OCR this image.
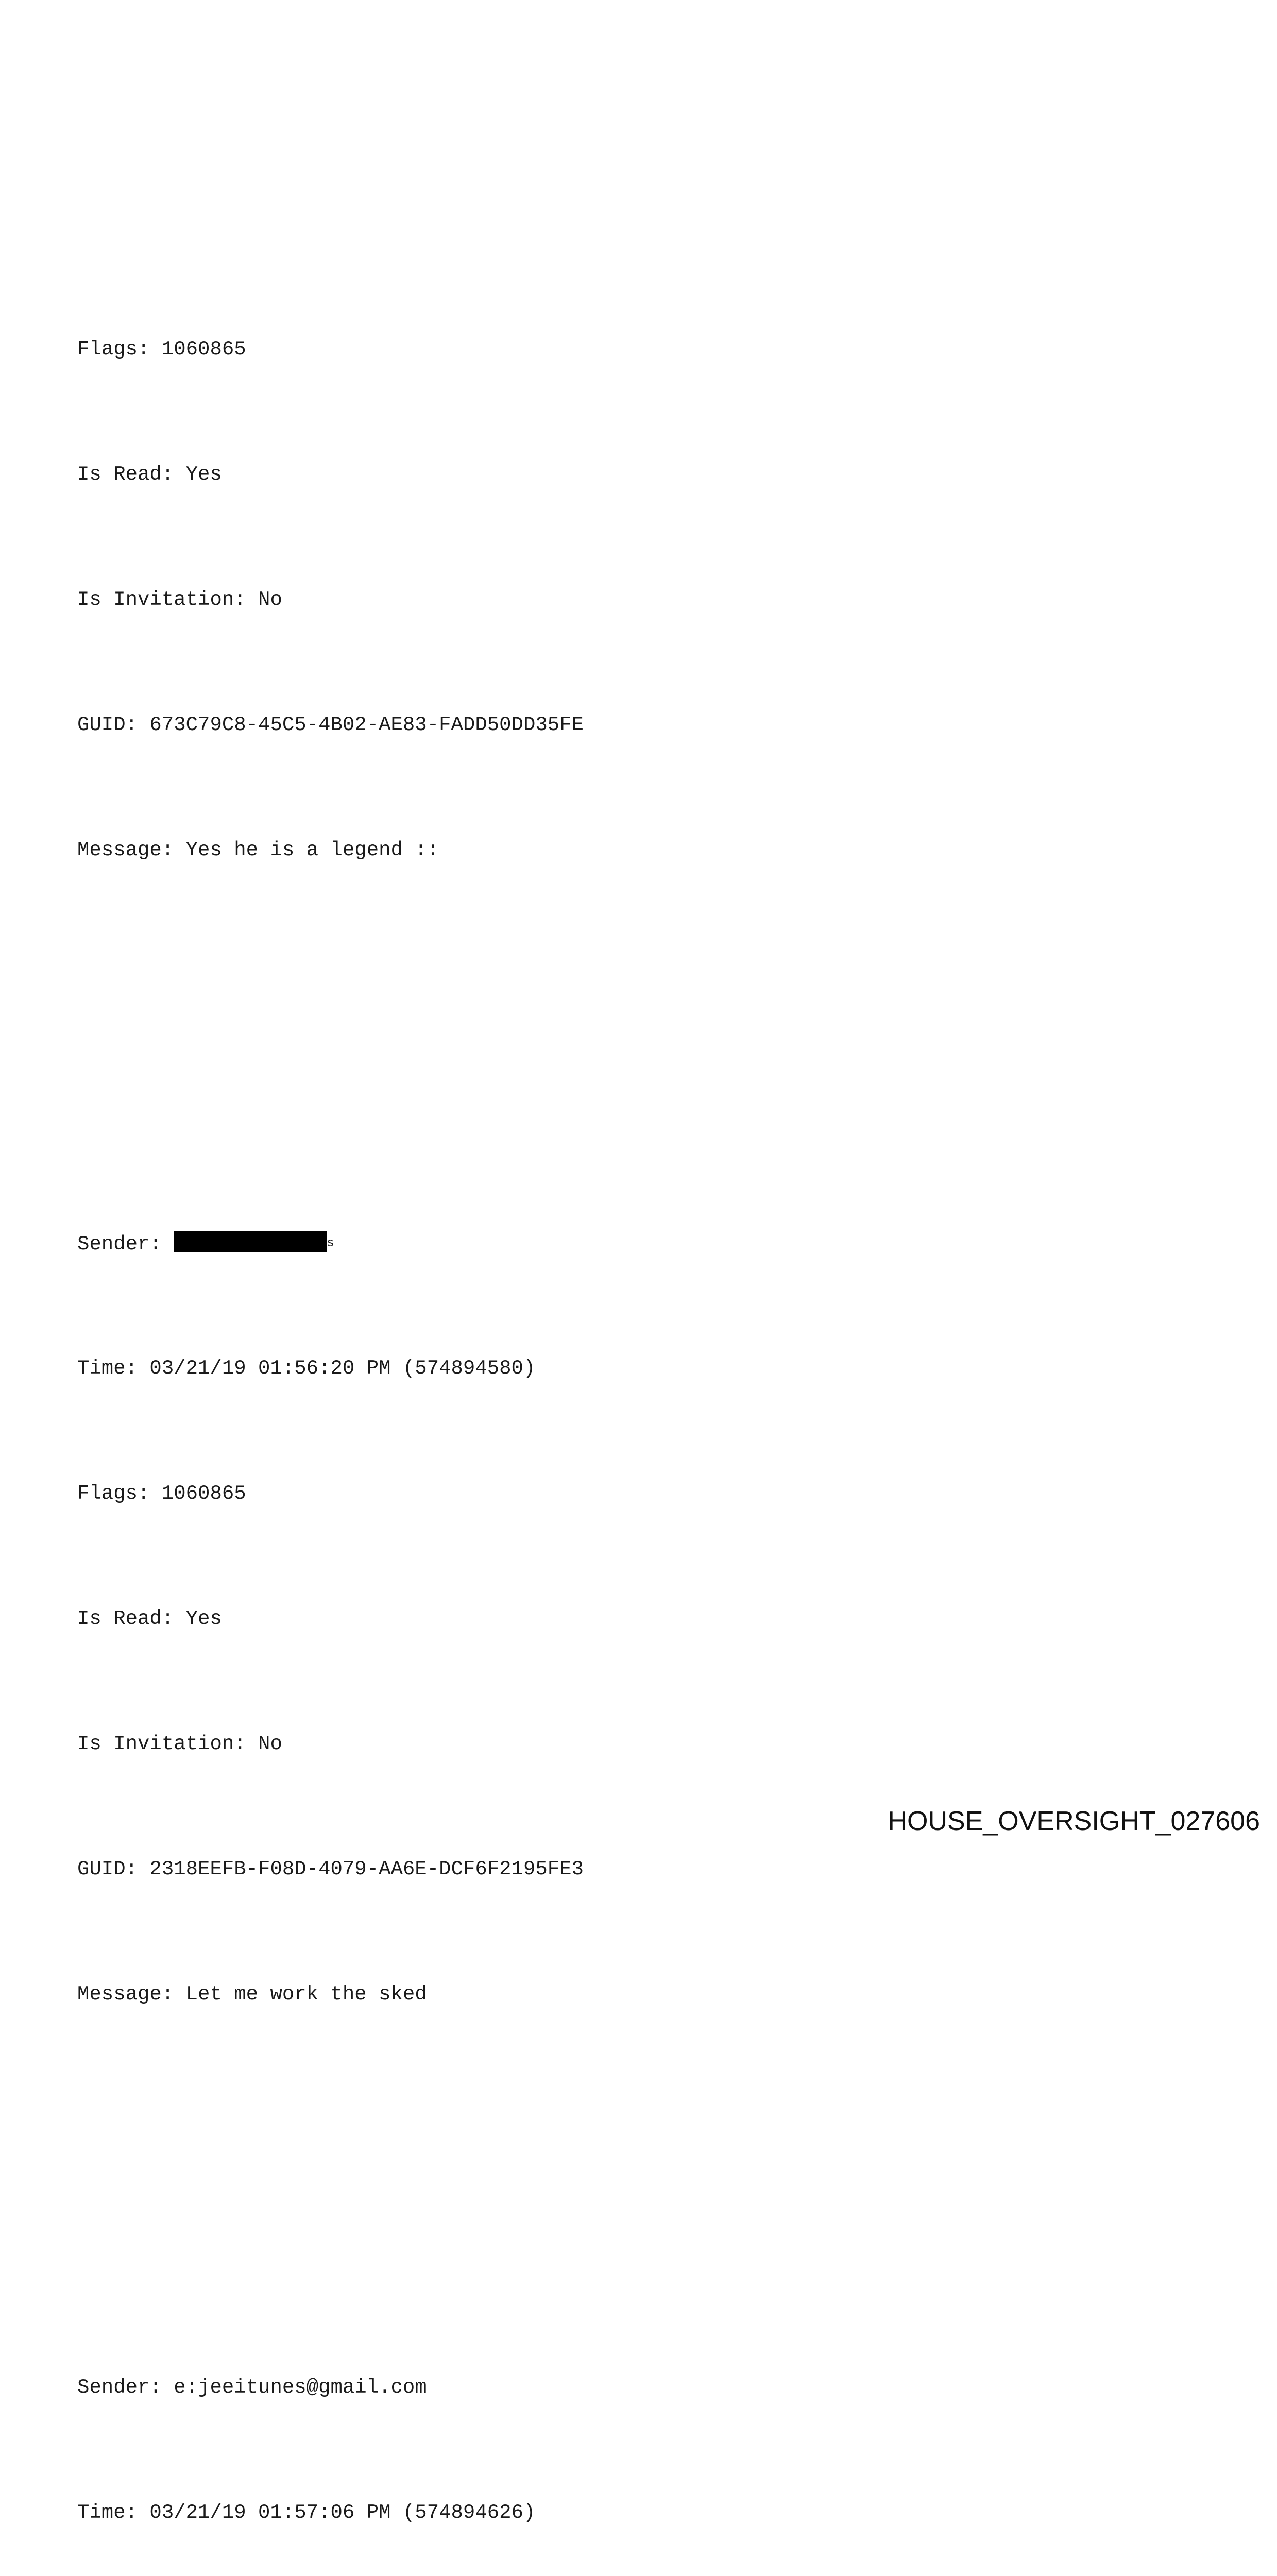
Flags: 1060865

Is Read: Yes

Is Invitation: No

GUID: 673C79C8-45C5-4B02-AE83-FADD50DD35FE

Message: Yes he is a legend ::

Sender:	s

Time: 03/21/19 01:56:20 PM (574894580)

Flags: 1060865

Is Read: Yes

Is Invitation: No

GUID: 2318EEFB-F08D-4079-AA6E-DCF6F2195FE3

Message: Let me work the sked

Sender: e:jeeitunes@gmail.com

Time: 03/21/19 01:57:06 PM (574894626)

HOUSE_OVERSIGHT_027606
